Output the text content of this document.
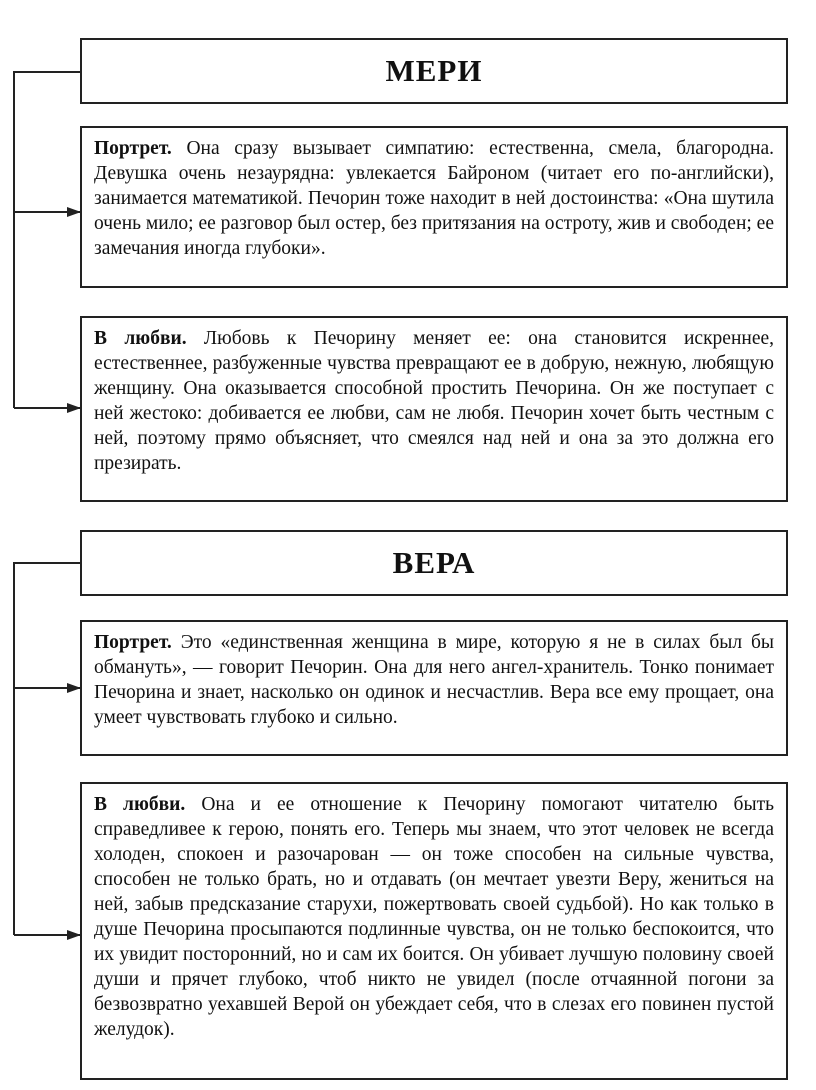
МЕРИ
Портрет. Она сразу вызывает симпатию: естественна, смела, благородна. Девушка очень незаурядна: увлекается Байроном (читает его по-английски), занимается математикой. Печорин тоже находит в ней достоинства: «Она шутила очень мило; ее разговор был остер, без притязания на остроту, жив и свободен; ее замечания иногда глубоки».
В любви. Любовь к Печорину меняет ее: она становится искреннее, естественнее, разбуженные чувства превращают ее в добрую, нежную, любящую женщину. Она оказывается способной простить Печорина. Он же поступает с ней жестоко: добивается ее любви, сам не любя. Печорин хочет быть честным с ней, поэтому прямо объясняет, что смеялся над ней и она за это должна его презирать.
ВЕРА
Портрет. Это «единственная женщина в мире, которую я не в силах был бы обмануть», — говорит Печорин. Она для него ангел-хранитель. Тонко понимает Печорина и знает, насколько он одинок и несчастлив. Вера все ему прощает, она умеет чувствовать глубоко и сильно.
В любви. Она и ее отношение к Печорину помогают читателю быть справедливее к герою, понять его. Теперь мы знаем, что этот человек не всегда холоден, спокоен и разочарован — он тоже способен на сильные чувства, способен не только брать, но и отдавать (он мечтает увезти Веру, жениться на ней, забыв предсказание старухи, пожертвовать своей судьбой). Но как только в душе Печорина просыпаются подлинные чувства, он не только беспокоится, что их увидит посторонний, но и сам их боится. Он убивает лучшую половину своей души и прячет глубоко, чтоб никто не увидел (после отчаянной погони за безвозвратно уехавшей Верой он убеждает себя, что в слезах его повинен пустой желудок).
